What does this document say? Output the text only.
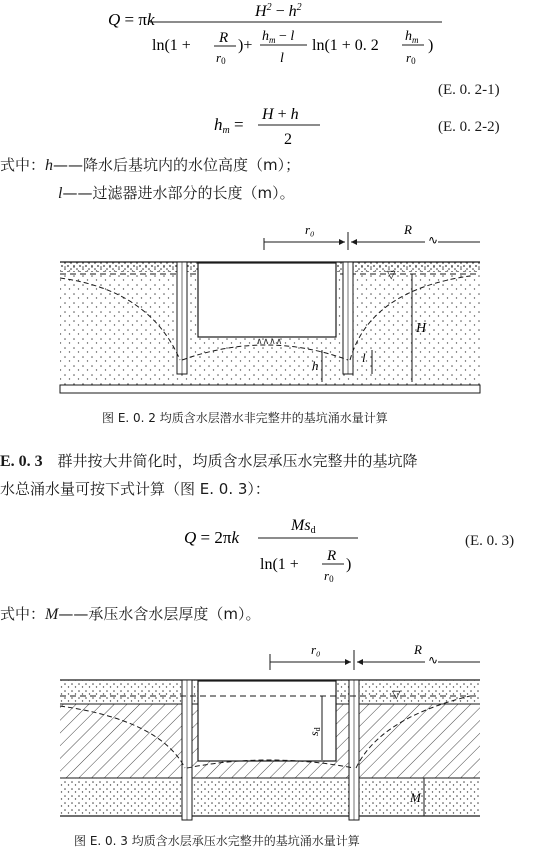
Q = πk	$H^2 - h^2$
ln(1 + R
r0
)+
$h_m - l$
l
ln(1 + 0. 2
$h_m$
r0
)
(E. 0. 2-1)
hm =
H + h
2
(E. 0. 2-2)
式中：h——降水后基坑内的水位高度（m）；
l——过滤器进水部分的长度（m）。
∧∧∧∧
▽
∿
r₀	R
H
h
l
图 E. 0. 2 均质含水层潜水非完整井的基坑涌水量计算
E. 0. 3 群井按大井简化时，均质含水层承压水完整井的基坑降
水总涌水量可按下式计算（图 E. 0. 3）：
Q = 2πk
Msd
ln(1 + R
r0
)
(E. 0. 3)
式中：M——承压水含水层厚度（m）。
▽
∿
r₀	R
sd
M
图 E. 0. 3 均质含水层承压水完整井的基坑涌水量计算
